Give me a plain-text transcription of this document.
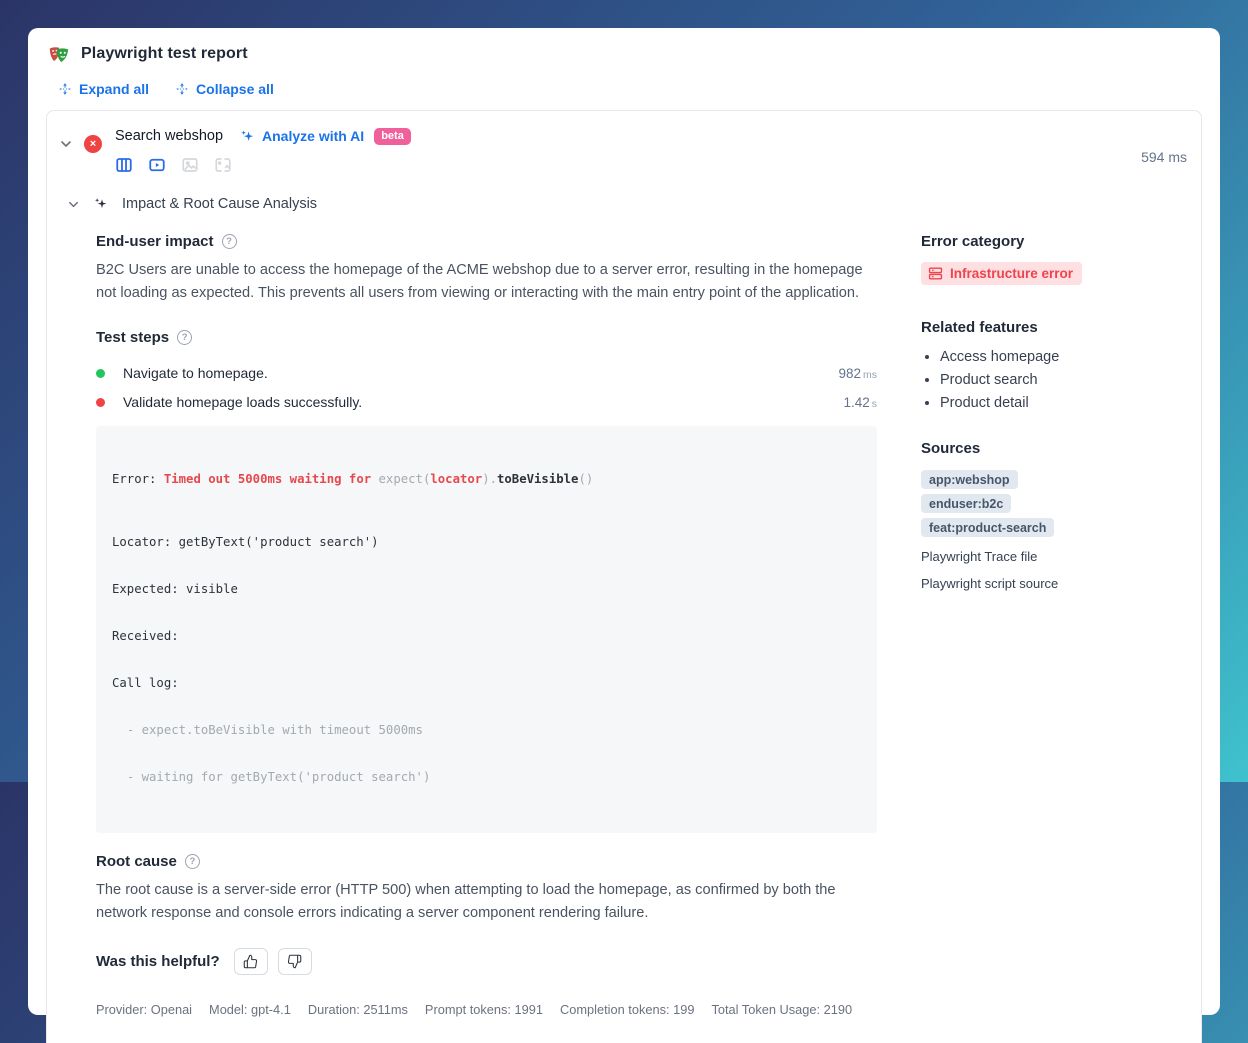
Playwright test report
Expand all	Collapse all
× Search webshop	Analyze with AI	beta
594 ms
Impact & Root Cause Analysis
End-user impact ?

B2C Users are unable to access the homepage of the ACME webshop due to a server error, resulting in the homepage not loading as expected. This prevents all users from viewing or interacting with the main entry point of the application.

Test steps ?
Navigate to homepage.	982 ms
Validate homepage loads successfully.	1.42 s

Error: Timed out 5000ms waiting for expect(locator).toBeVisible()

Locator: getByText('product search')

Expected: visible

Received:

Call log:

- expect.toBeVisible with timeout 5000ms

- waiting for getByText('product search')

Root cause ?

The root cause is a server-side error (HTTP 500) when attempting to load the homepage, as confirmed by both the network response and console errors indicating a server component rendering failure.

Was this helpful?
Provider: Openai Model: gpt-4.1 Duration: 2511ms Prompt tokens: 1991 Completion tokens: 199 Total Token Usage: 2190
Error category
Infrastructure error
Related features
• Access homepage
• Product search
• Product detail
Sources
app:webshop
enduser:b2c
feat:product-search
Playwright Trace file
Playwright script source
